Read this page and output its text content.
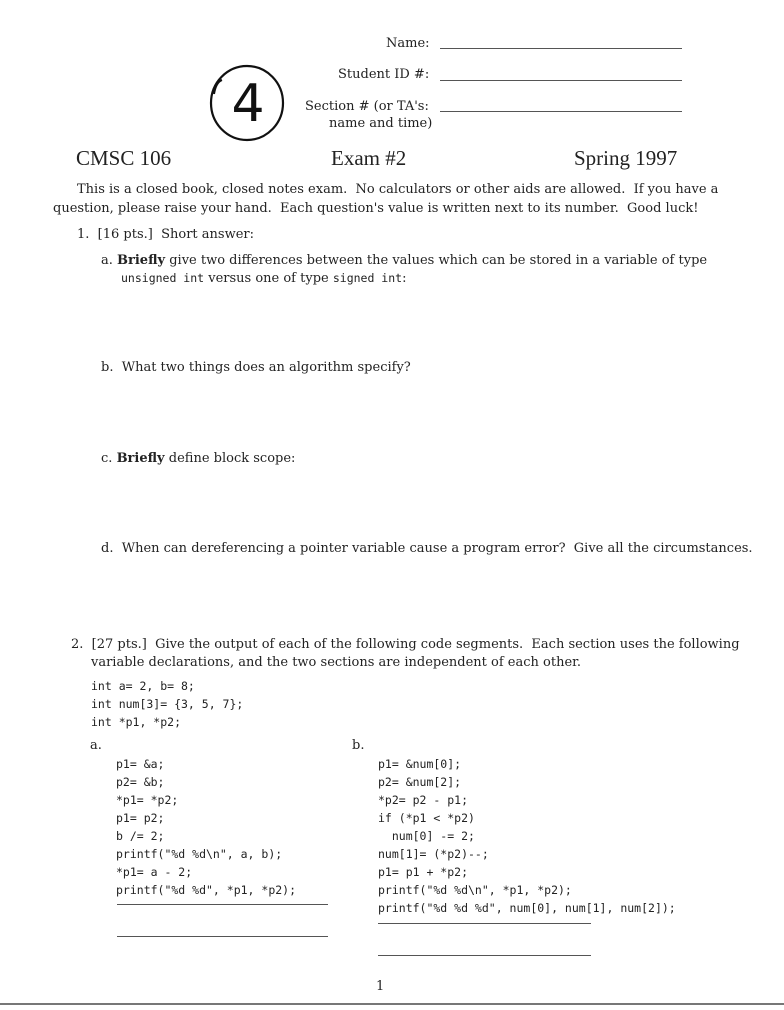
Name:
Student ID #:
Section # (or TA's:
name and time)
4
CMSC 106	Exam #2	Spring 1997
This is a closed book, closed notes exam.  No calculators or other aids are allowed.  If you have a
question, please raise your hand.  Each question's value is written next to its number.  Good luck!
1.  [16 pts.]  Short answer:
a. Briefly give two differences between the values which can be stored in a variable of type
unsigned int versus one of type signed int:
b.  What two things does an algorithm specify?
c. Briefly define block scope:
d.  When can dereferencing a pointer variable cause a program error?  Give all the circumstances.
2.  [27 pts.]  Give the output of each of the following code segments.  Each section uses the following
variable declarations, and the two sections are independent of each other.
int a= 2, b= 8;
int num[3]= {3, 5, 7};
int *p1, *p2;
a.

p1= &a;
p2= &b;
*p1= *p2;
p1= p2;
b /= 2;
printf("%d %d\n", a, b);
*p1= a - 2;
printf("%d %d", *p1, *p2);
b.

p1= &num[0];
p2= &num[2];
*p2= p2 - p1;
if (*p1 < *p2)
num[0] -= 2;
num[1]= (*p2)--;
p1= p1 + *p2;
printf("%d %d\n", *p1, *p2);
printf("%d %d %d", num[0], num[1], num[2]);
1
